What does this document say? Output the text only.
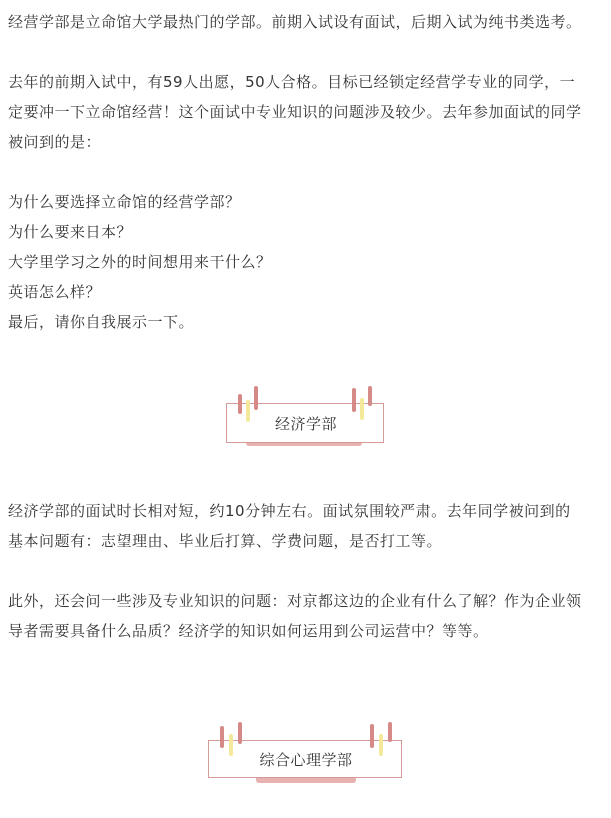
经营学部是立命馆大学最热门的学部。前期入试设有面试，后期入试为纯书类选考。
去年的前期入试中，有59人出愿，50人合格。目标已经锁定经营学专业的同学，一
定要冲一下立命馆经营！这个面试中专业知识的问题涉及较少。去年参加面试的同学
被问到的是：
为什么要选择立命馆的经营学部？
为什么要来日本？
大学里学习之外的时间想用来干什么？
英语怎么样？
最后，请你自我展示一下。
经济学部
经济学部的面试时长相对短，约10分钟左右。面试氛围较严肃。去年同学被问到的
基本问题有：志望理由、毕业后打算、学费问题，是否打工等。
此外，还会问一些涉及专业知识的问题：对京都这边的企业有什么了解？作为企业领
导者需要具备什么品质？经济学的知识如何运用到公司运营中？等等。
综合心理学部
